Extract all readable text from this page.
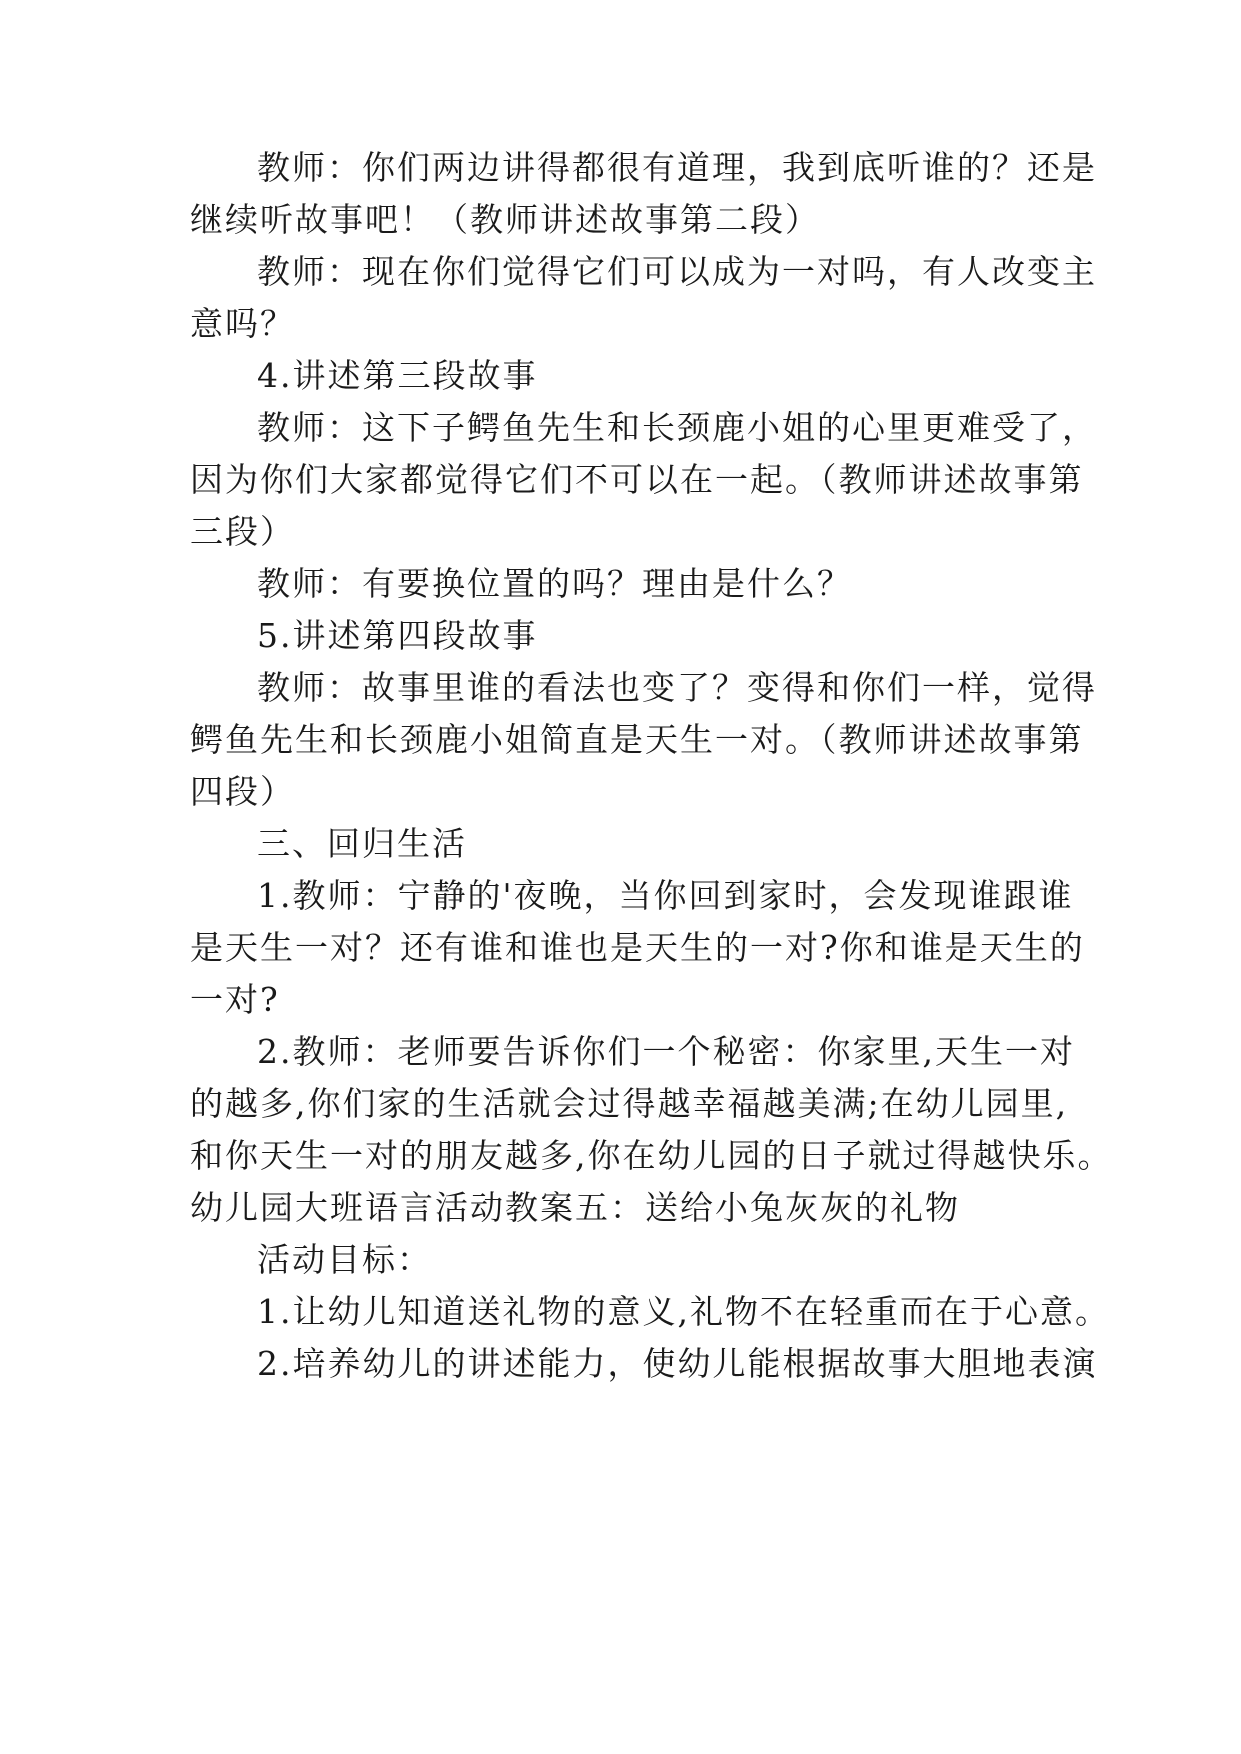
教师：你们两边讲得都很有道理，我到底听谁的？还是
继续听故事吧！（教师讲述故事第二段）
教师：现在你们觉得它们可以成为一对吗，有人改变主
意吗？
4.讲述第三段故事
教师：这下子鳄鱼先生和长颈鹿小姐的心里更难受了，
因为你们大家都觉得它们不可以在一起。（教师讲述故事第
三段）
教师：有要换位置的吗？理由是什么？
5.讲述第四段故事
教师：故事里谁的看法也变了？变得和你们一样，觉得
鳄鱼先生和长颈鹿小姐简直是天生一对。（教师讲述故事第
四段）
三、回归生活
1.教师：宁静的'夜晚，当你回到家时，会发现谁跟谁
是天生一对？还有谁和谁也是天生的一对?你和谁是天生的
一对?
2.教师：老师要告诉你们一个秘密：你家里,天生一对
的越多,你们家的生活就会过得越幸福越美满;在幼儿园里,
和你天生一对的朋友越多,你在幼儿园的日子就过得越快乐。
幼儿园大班语言活动教案五：送给小兔灰灰的礼物
活动目标：
1.让幼儿知道送礼物的意义,礼物不在轻重而在于心意。
2.培养幼儿的讲述能力，使幼儿能根据故事大胆地表演
